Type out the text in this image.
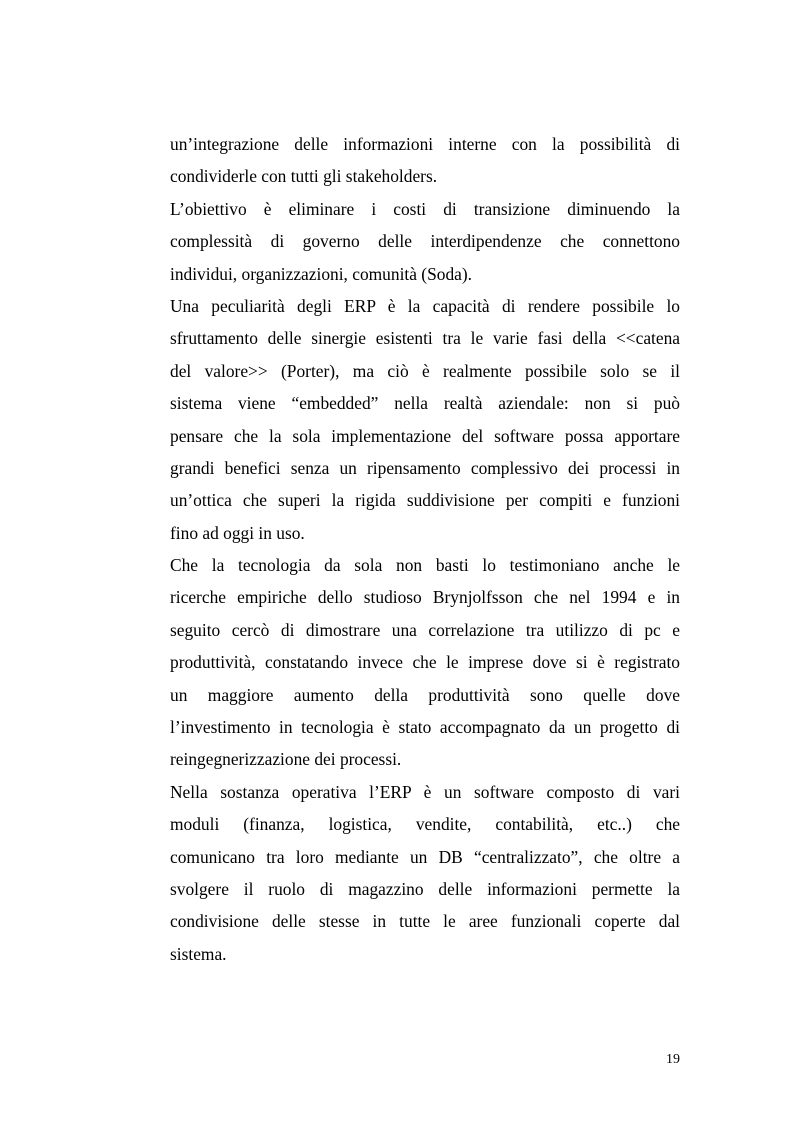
un’integrazione delle informazioni interne con la possibilità di
condividerle con tutti gli stakeholders.

L’obiettivo è eliminare i costi di transizione diminuendo la
complessità di governo delle interdipendenze che connettono
individui, organizzazioni, comunità (Soda).

Una peculiarità degli ERP è la capacità di rendere possibile lo
sfruttamento delle sinergie esistenti tra le varie fasi della <<catena
del valore>> (Porter), ma ciò è realmente possibile solo se il
sistema viene “embedded” nella realtà aziendale: non si può
pensare che la sola implementazione del software possa apportare
grandi benefici senza un ripensamento complessivo dei processi in
un’ottica che superi la rigida suddivisione per compiti e funzioni
fino ad oggi in uso.

Che la tecnologia da sola non basti lo testimoniano anche le
ricerche empiriche dello studioso Brynjolfsson che nel 1994 e in
seguito cercò di dimostrare una correlazione tra utilizzo di pc e
produttività, constatando invece che le imprese dove si è registrato
un maggiore aumento della produttività sono quelle dove
l’investimento in tecnologia è stato accompagnato da un progetto di
reingegnerizzazione dei processi.

Nella sostanza operativa l’ERP è un software composto di vari
moduli (finanza, logistica, vendite, contabilità, etc..) che
comunicano tra loro mediante un DB “centralizzato”, che oltre a
svolgere il ruolo di magazzino delle informazioni permette la
condivisione delle stesse in tutte le aree funzionali coperte dal
sistema.

19
